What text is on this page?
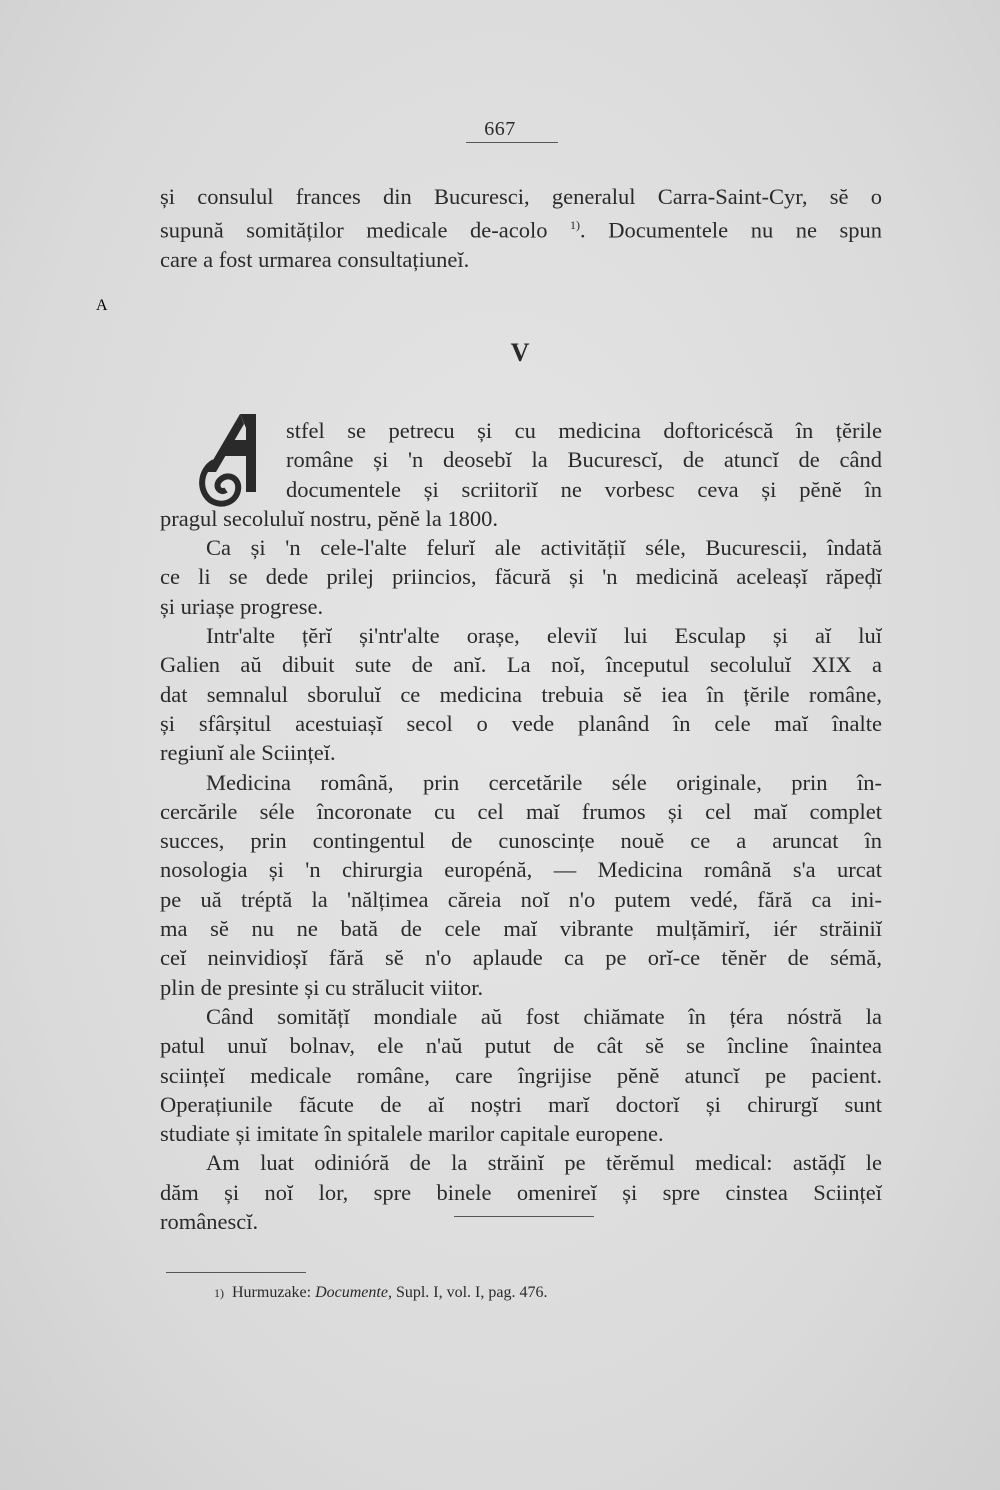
667
și consulul frances din Bucuresci, generalul Carra-Saint-Cyr, sĕ o
supună somităților medicale de-acolo $^{1)}$. Documentele nu ne spun
care a fost urmarea consultațiuneĭ.
V
A
stfel se petrecu și cu medicina doftoricéscă în țĕrile
române și 'n deosebĭ la Bucurescĭ, de atuncĭ de când
documentele și scriitoriĭ ne vorbesc ceva și pĕnĕ în
pragul secoluluĭ nostru, pĕnĕ la 1800.
Ca și 'n cele-l'alte felurĭ ale activitățiĭ séle, Bucurescii, îndată
ce li se dede prilej priincios, făcură și 'n medicină aceleașĭ răpeḑĭ
și uriașe progrese.
Intr'alte țĕrĭ și'ntr'alte orașe, eleviĭ lui Esculap și aĭ luĭ
Galien aŭ dibuit sute de anĭ. La noĭ, începutul secoluluĭ XIX a
dat semnalul sboruluĭ ce medicina trebuia sĕ iea în țĕrile române,
și sfârșitul acestuiașĭ secol o vede planând în cele maĭ înalte
regiunĭ ale Sciințeĭ.
Medicina română, prin cercetările séle originale, prin în-
cercările séle încoronate cu cel maĭ frumos și cel maĭ complet
succes, prin contingentul de cunoscințe nouĕ ce a aruncat în
nosologia și 'n chirurgia europénă, — Medicina română s'a urcat
pe uă tréptă la 'nălțimea căreia noĭ n'o putem vedé, fără ca ini-
ma sĕ nu ne bată de cele maĭ vibrante mulțămirĭ, iér străiniĭ
ceĭ neinvidioșĭ fără sĕ n'o aplaude ca pe orĭ-ce tĕnĕr de sémă,
plin de presinte și cu strălucit viitor.
Când somitățĭ mondiale aŭ fost chiămate în țéra nóstră la
patul unuĭ bolnav, ele n'aŭ putut de cât sĕ se încline înaintea
sciințeĭ medicale române, care îngrijise pĕnĕ atuncĭ pe pacient.
Operațiunile făcute de aĭ noștri marĭ doctorĭ și chirurgĭ sunt
studiate și imitate în spitalele marilor capitale europene.
Am luat odinióră de la străinĭ pe tĕrĕmul medical: astăḑĭ le
dăm și noĭ lor, spre binele omenireĭ și spre cinstea Sciințeĭ
românescĭ.
1) Hurmuzake: Documente, Supl. I, vol. I, pag. 476.
